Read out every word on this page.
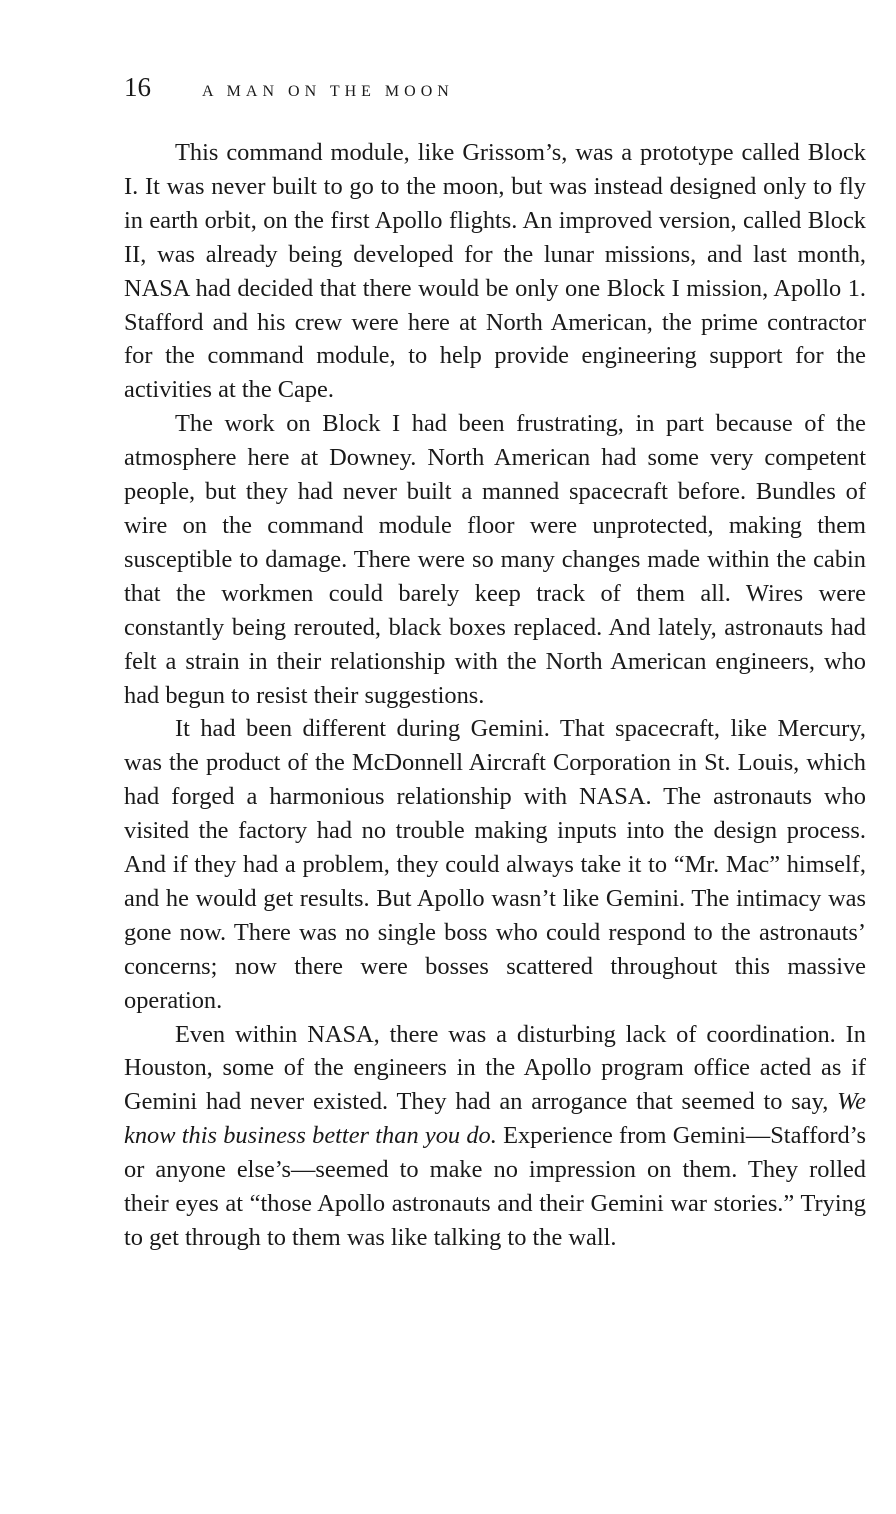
16	A MAN ON THE MOON

This command module, like Grissom’s, was a prototype called Block I. It was never built to go to the moon, but was instead designed only to fly in earth orbit, on the first Apollo flights. An improved version, called Block II, was already being developed for the lunar missions, and last month, NASA had decided that there would be only one Block I mission, Apollo 1. Stafford and his crew were here at North American, the prime contractor for the command module, to help provide engineering support for the activities at the Cape.

The work on Block I had been frustrating, in part because of the atmosphere here at Downey. North American had some very competent people, but they had never built a manned spacecraft before. Bundles of wire on the command module floor were unprotected, making them susceptible to damage. There were so many changes made within the cabin that the workmen could barely keep track of them all. Wires were constantly being rerouted, black boxes replaced. And lately, astronauts had felt a strain in their relationship with the North American engineers, who had begun to resist their suggestions.

It had been different during Gemini. That spacecraft, like Mercury, was the product of the McDonnell Aircraft Corporation in St. Louis, which had forged a harmonious relationship with NASA. The astronauts who visited the factory had no trouble making inputs into the design process. And if they had a problem, they could always take it to “Mr. Mac” himself, and he would get results. But Apollo wasn’t like Gemini. The intimacy was gone now. There was no single boss who could respond to the astronauts’ concerns; now there were bosses scattered throughout this massive operation.

Even within NASA, there was a disturbing lack of coordination. In Houston, some of the engineers in the Apollo program office acted as if Gemini had never existed. They had an arrogance that seemed to say, We know this business better than you do. Experience from Gemini—Stafford’s or anyone else’s—seemed to make no impression on them. They rolled their eyes at “those Apollo astronauts and their Gemini war stories.” Trying to get through to them was like talking to the wall.
